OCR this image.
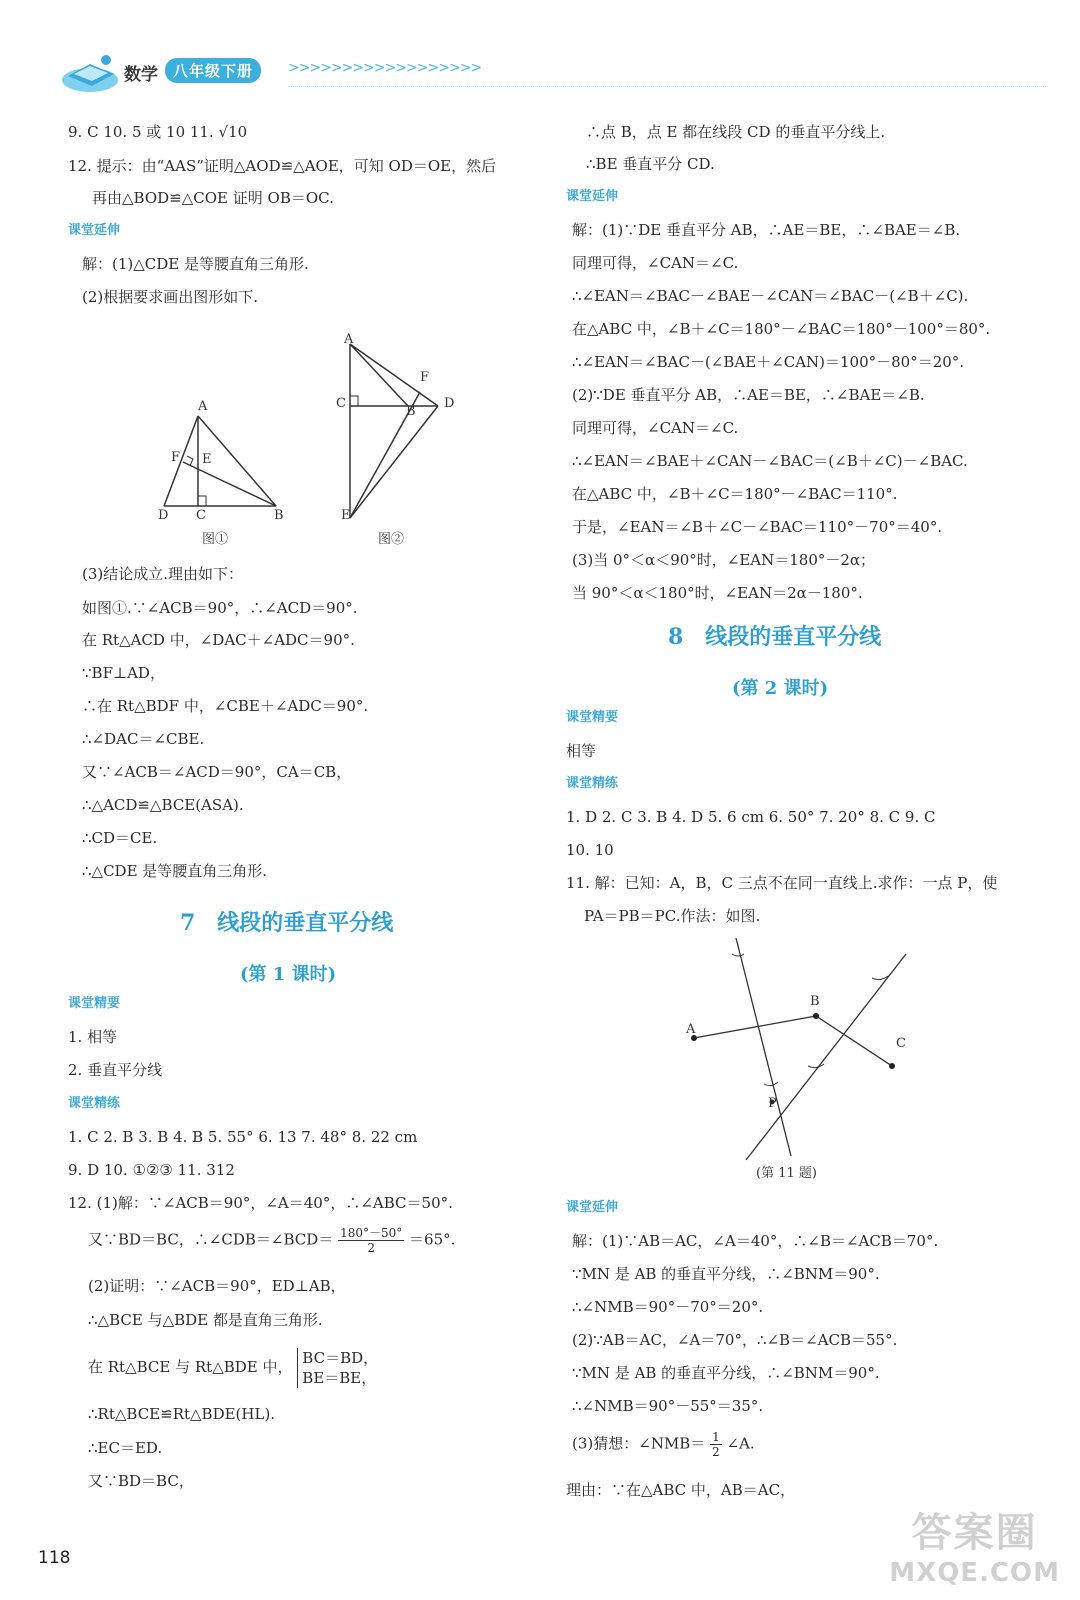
数学	八年级下册	>>>>>>>>>>>>>>>>>>
9. C 10. 5 或 10 11. √10
12. 提示：由“AAS”证明△AOD≌△AOE，可知 OD＝OE，然后
再由△BOD≌△COE 证明 OB＝OC.
课堂延伸
解：(1)△CDE 是等腰直角三角形.
(2)根据要求画出图形如下.
A
F E
D C	B
图①
A
F
C
B
D
E
图②
(3)结论成立.理由如下：
如图①.∵∠ACB＝90°，∴∠ACD＝90°.
在 Rt△ACD 中，∠DAC＋∠ADC＝90°.
∵BF⊥AD，
∴在 Rt△BDF 中，∠CBE＋∠ADC＝90°.
∴∠DAC＝∠CBE.
又∵∠ACB＝∠ACD＝90°，CA＝CB，
∴△ACD≌△BCE(ASA).
∴CD＝CE.
∴△CDE 是等腰直角三角形.
7　线段的垂直平分线
(第 1 课时)
课堂精要
1. 相等
2. 垂直平分线
课堂精练
1. C 2. B 3. B 4. B 5. 55° 6. 13 7. 48° 8. 22 cm
9. D 10. ①②③ 11. 312
12. (1)解：∵∠ACB＝90°，∠A＝40°，∴∠ABC＝50°.
又∵BD＝BC，∴∠CDB＝∠BCD＝ $\frac{180^\circ-50^\circ}{2} =65^\circ$.
(2)证明：∵∠ACB＝90°，ED⊥AB，
∴△BCE 与△BDE 都是直角三角形.
在 Rt△BCE 与 Rt△BDE 中， BC＝BD，
BE＝BE，
∴Rt△BCE≌Rt△BDE(HL).
∴EC＝ED.
又∵BD＝BC，
∴点 B，点 E 都在线段 CD 的垂直平分线上.
∴BE 垂直平分 CD.
课堂延伸
解：(1)∵DE 垂直平分 AB，∴AE＝BE，∴∠BAE＝∠B.
同理可得，∠CAN＝∠C.
∴∠EAN＝∠BAC－∠BAE－∠CAN＝∠BAC－(∠B＋∠C).
在△ABC 中，∠B＋∠C＝180°－∠BAC＝180°－100°＝80°.
∴∠EAN＝∠BAC－(∠BAE＋∠CAN)＝100°－80°＝20°.
(2)∵DE 垂直平分 AB，∴AE＝BE，∴∠BAE＝∠B.
同理可得，∠CAN＝∠C.
∴∠EAN＝∠BAE＋∠CAN－∠BAC＝(∠B＋∠C)－∠BAC.
在△ABC 中，∠B＋∠C＝180°－∠BAC＝110°.
于是，∠EAN＝∠B＋∠C－∠BAC＝110°－70°＝40°.
(3)当 0°＜α＜90°时，∠EAN＝180°－2α；
当 90°＜α＜180°时，∠EAN＝2α－180°.
8　线段的垂直平分线
(第 2 课时)
课堂精要
相等
课堂精练
1. D 2. C 3. B 4. D 5. 6 cm 6. 50° 7. 20° 8. C 9. C
10. 10
11. 解：已知：A，B，C 三点不在同一直线上.求作：一点 P，使
PA＝PB＝PC.作法：如图.
A
B
C
P
(第 11 题)
课堂延伸
解：(1)∵AB＝AC，∠A＝40°，∴∠B＝∠ACB＝70°.
∵MN 是 AB 的垂直平分线，∴∠BNM＝90°.
∴∠NMB＝90°－70°＝20°.
(2)∵AB＝AC，∠A＝70°，∴∠B＝∠ACB＝55°.
∵MN 是 AB 的垂直平分线，∴∠BNM＝90°.
∴∠NMB＝90°－55°＝35°.
(3)猜想：∠NMB＝ $\frac{1}{2}$ ∠A.
理由：∵在△ABC 中，AB＝AC，
118
答案圈
MXQE.COM
